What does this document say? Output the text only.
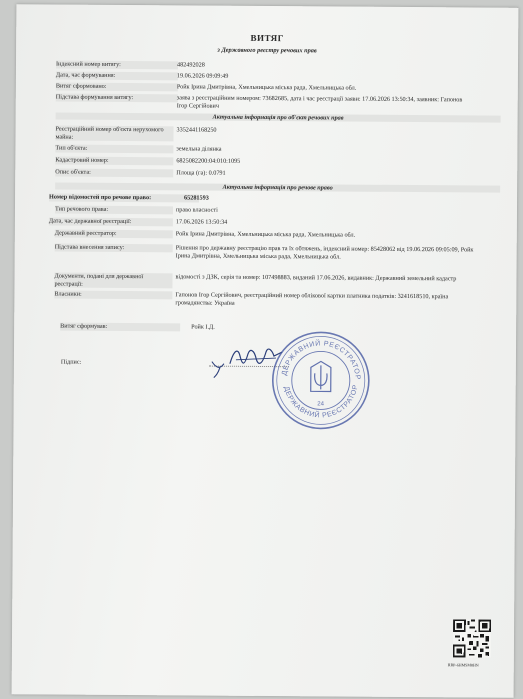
ВИТЯГ
з Державного реєстру речових прав
Індексний номер витягу:	482492028
Дата, час формування:	19.06.2026 09:09:49
Витяг сформовано:	Ройк Ірина Дмитрівна, Хмельницька міська рада, Хмельницька обл.
Підстава формування витягу:	заява з реєстраційним номером: 73682685, дата і час реєстрації заяви: 17.06.2026 13:50:34, заявник: Гапонов Ігор Сергійович
Актуальна інформація про об'єкт речових прав
Реєстраційний номер об'єкта нерухомого майна:
3352441168250
Тип об'єкта:	земельна ділянка
Кадастровий номер:	6825082200:04:010:1095
Опис об'єкта:	Площа (га): 0.0791
Актуальна інформація про речове право
Номер відомостей про речове право:	65281593
Тип речового права:	право власності
Дата, час державної реєстрації:	17.06.2026 13:50:34
Державний реєстратор:	Ройк Ірина Дмитрівна, Хмельницька міська рада, Хмельницька обл.
Підстава внесення запису:	Рішення про державну реєстрацію прав та їх обтяжень, індексний номер: 85428062 від 19.06.2026 09:05:09, Ройк Ірина Дмитрівна, Хмельницька міська рада, Хмельницька обл.
Документи, подані для державної реєстрації:
відомості з ДЗК, серія та номер: 107498883, виданий 17.06.2026, видавник: Державний земельний кадастр
Власники:	Гапонов Ігор Сергійович, реєстраційний номер облікової картки платника податків: 3241618510, країна громадянства: Україна
Витяг сформував:	Ройк І.Д.
Підпис:
ДЕРЖАВНИЙ РЕЄСТРАТОР
ДЕРЖАВНИЙ РЕЄСТРАТОР
24
RRP-6HMSM8HN
